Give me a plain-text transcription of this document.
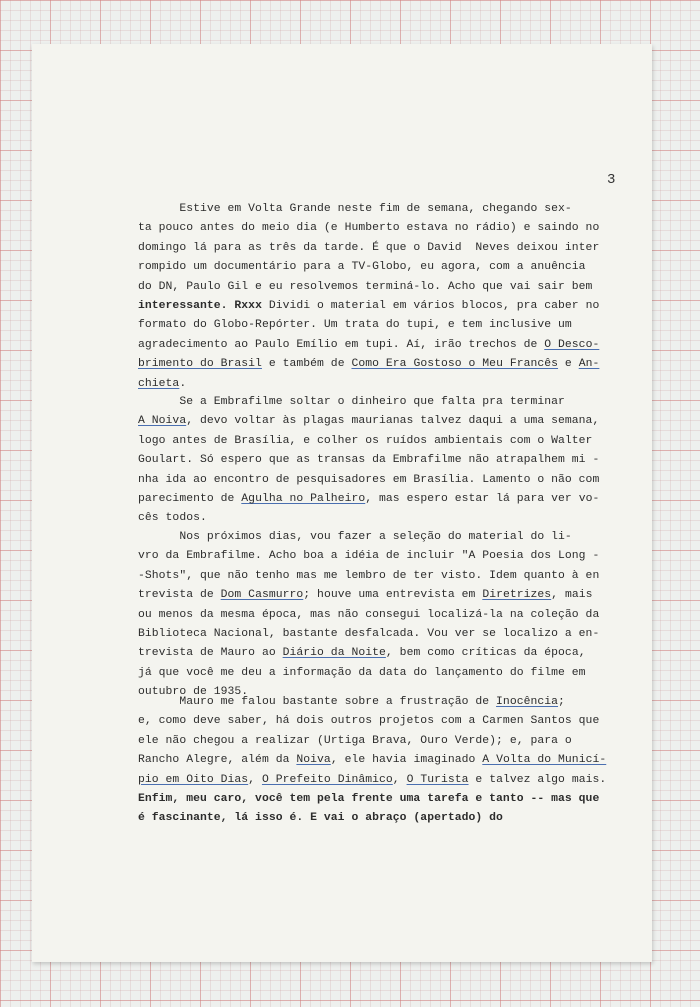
3
Estive em Volta Grande neste fim de semana, chegando sex-
ta pouco antes do meio dia (e Humberto estava no rádio) e saindo no
domingo lá para as três da tarde. É que o David  Neves deixou inter
rompido um documentário para a TV-Globo, eu agora, com a anuência
do DN, Paulo Gil e eu resolvemos terminá-lo. Acho que vai sair bem
interessante. Rxxx Dividi o material em vários blocos, pra caber no
formato do Globo-Repórter. Um trata do tupi, e tem inclusive um
agradecimento ao Paulo Emílio em tupi. Aí, irão trechos de O Desco-
brimento do Brasil e também de Como Era Gostoso o Meu Francês e An-
chieta.
Se a Embrafilme soltar o dinheiro que falta pra terminar
A Noiva, devo voltar às plagas maurianas talvez daqui a uma semana,
logo antes de Brasília, e colher os ruídos ambientais com o Walter
Goulart. Só espero que as transas da Embrafilme não atrapalhem mi -
nha ida ao encontro de pesquisadores em Brasília. Lamento o não com
parecimento de Agulha no Palheiro, mas espero estar lá para ver vo-
cês todos.
Nos próximos dias, vou fazer a seleção do material do li-
vro da Embrafilme. Acho boa a idéia de incluir "A Poesia dos Long -
-Shots", que não tenho mas me lembro de ter visto. Idem quanto à en
trevista de Dom Casmurro; houve uma entrevista em Diretrizes, mais
ou menos da mesma época, mas não consegui localizá-la na coleção da
Biblioteca Nacional, bastante desfalcada. Vou ver se localizo a en-
trevista de Mauro ao Diário da Noite, bem como críticas da época,
já que você me deu a informação da data do lançamento do filme em
outubro de 1935.
Mauro me falou bastante sobre a frustração de Inocência;
e, como deve saber, há dois outros projetos com a Carmen Santos que
ele não chegou a realizar (Urtiga Brava, Ouro Verde); e, para o
Rancho Alegre, além da Noiva, ele havia imaginado A Volta do Municí-
pio em Oito Dias, O Prefeito Dinâmico, O Turista e talvez algo mais.
Enfim, meu caro, você tem pela frente uma tarefa e tanto -- mas que
é fascinante, lá isso é. E vai o abraço (apertado) do
